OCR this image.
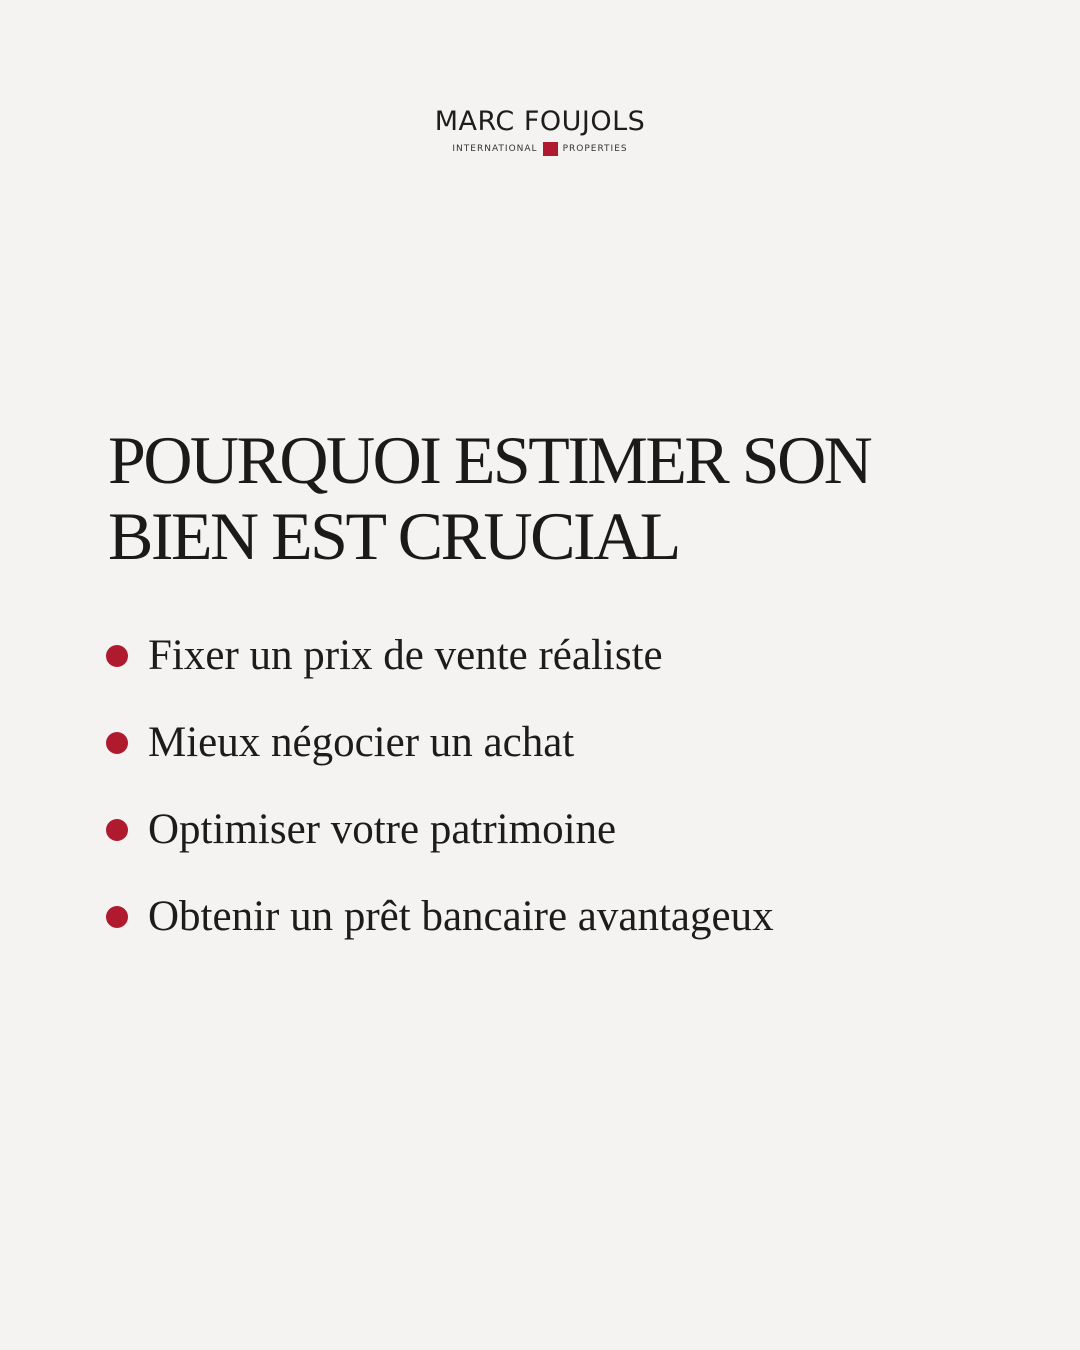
MARC FOUJOLS
INTERNATIONAL	PROPERTIES
POURQUOI ESTIMER SON BIEN EST CRUCIAL
Fixer un prix de vente réaliste
Mieux négocier un achat
Optimiser votre patrimoine
Obtenir un prêt bancaire avantageux
